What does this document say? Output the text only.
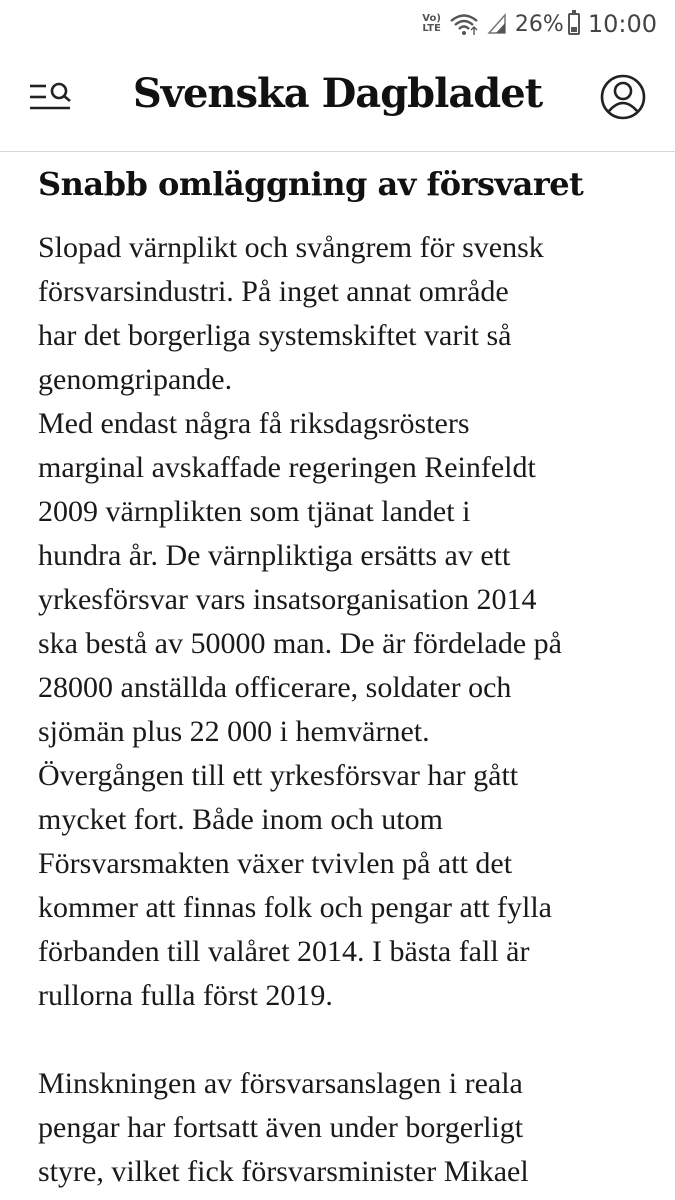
Vo)
LTE	26% 10:00
Svenska Dagbladet
Snabb omläggning av försvaret

Slopad värnplikt och svångrem för svensk
försvarsindustri. På inget annat område
har det borgerliga systemskiftet varit så
genomgripande.
Med endast några få riksdagsrösters
marginal avskaffade regeringen Reinfeldt
2009 värnplikten som tjänat landet i
hundra år. De värnpliktiga ersätts av ett
yrkesförsvar vars insatsorganisation 2014
ska bestå av 50000 man. De är fördelade på
28000 anställda officerare, soldater och
sjömän plus 22 000 i hemvärnet.
Övergången till ett yrkesförsvar har gått
mycket fort. Både inom och utom
Försvarsmakten växer tvivlen på att det
kommer att finnas folk och pengar att fylla
förbanden till valåret 2014. I bästa fall är
rullorna fulla först 2019.

Minskningen av försvarsanslagen i reala
pengar har fortsatt även under borgerligt
styre, vilket fick försvarsminister Mikael
